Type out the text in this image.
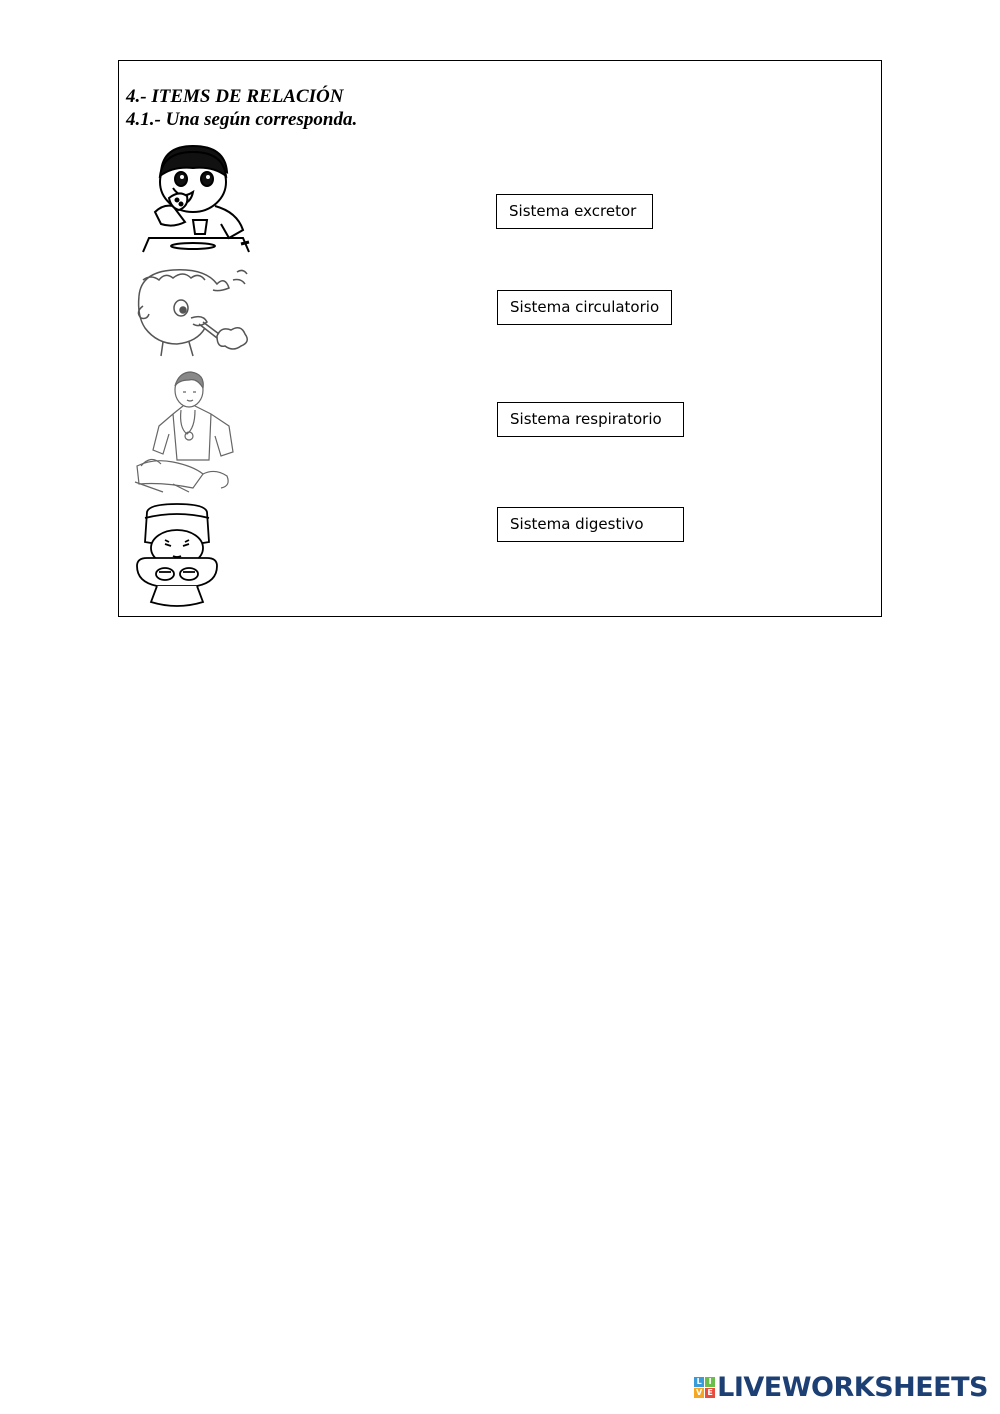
4.- ITEMS DE RELACIÓN
4.1.- Una según corresponda.
Sistema excretor
Sistema circulatorio
Sistema respiratorio
Sistema digestivo
L I
V E LIVEWORKSHEETS
